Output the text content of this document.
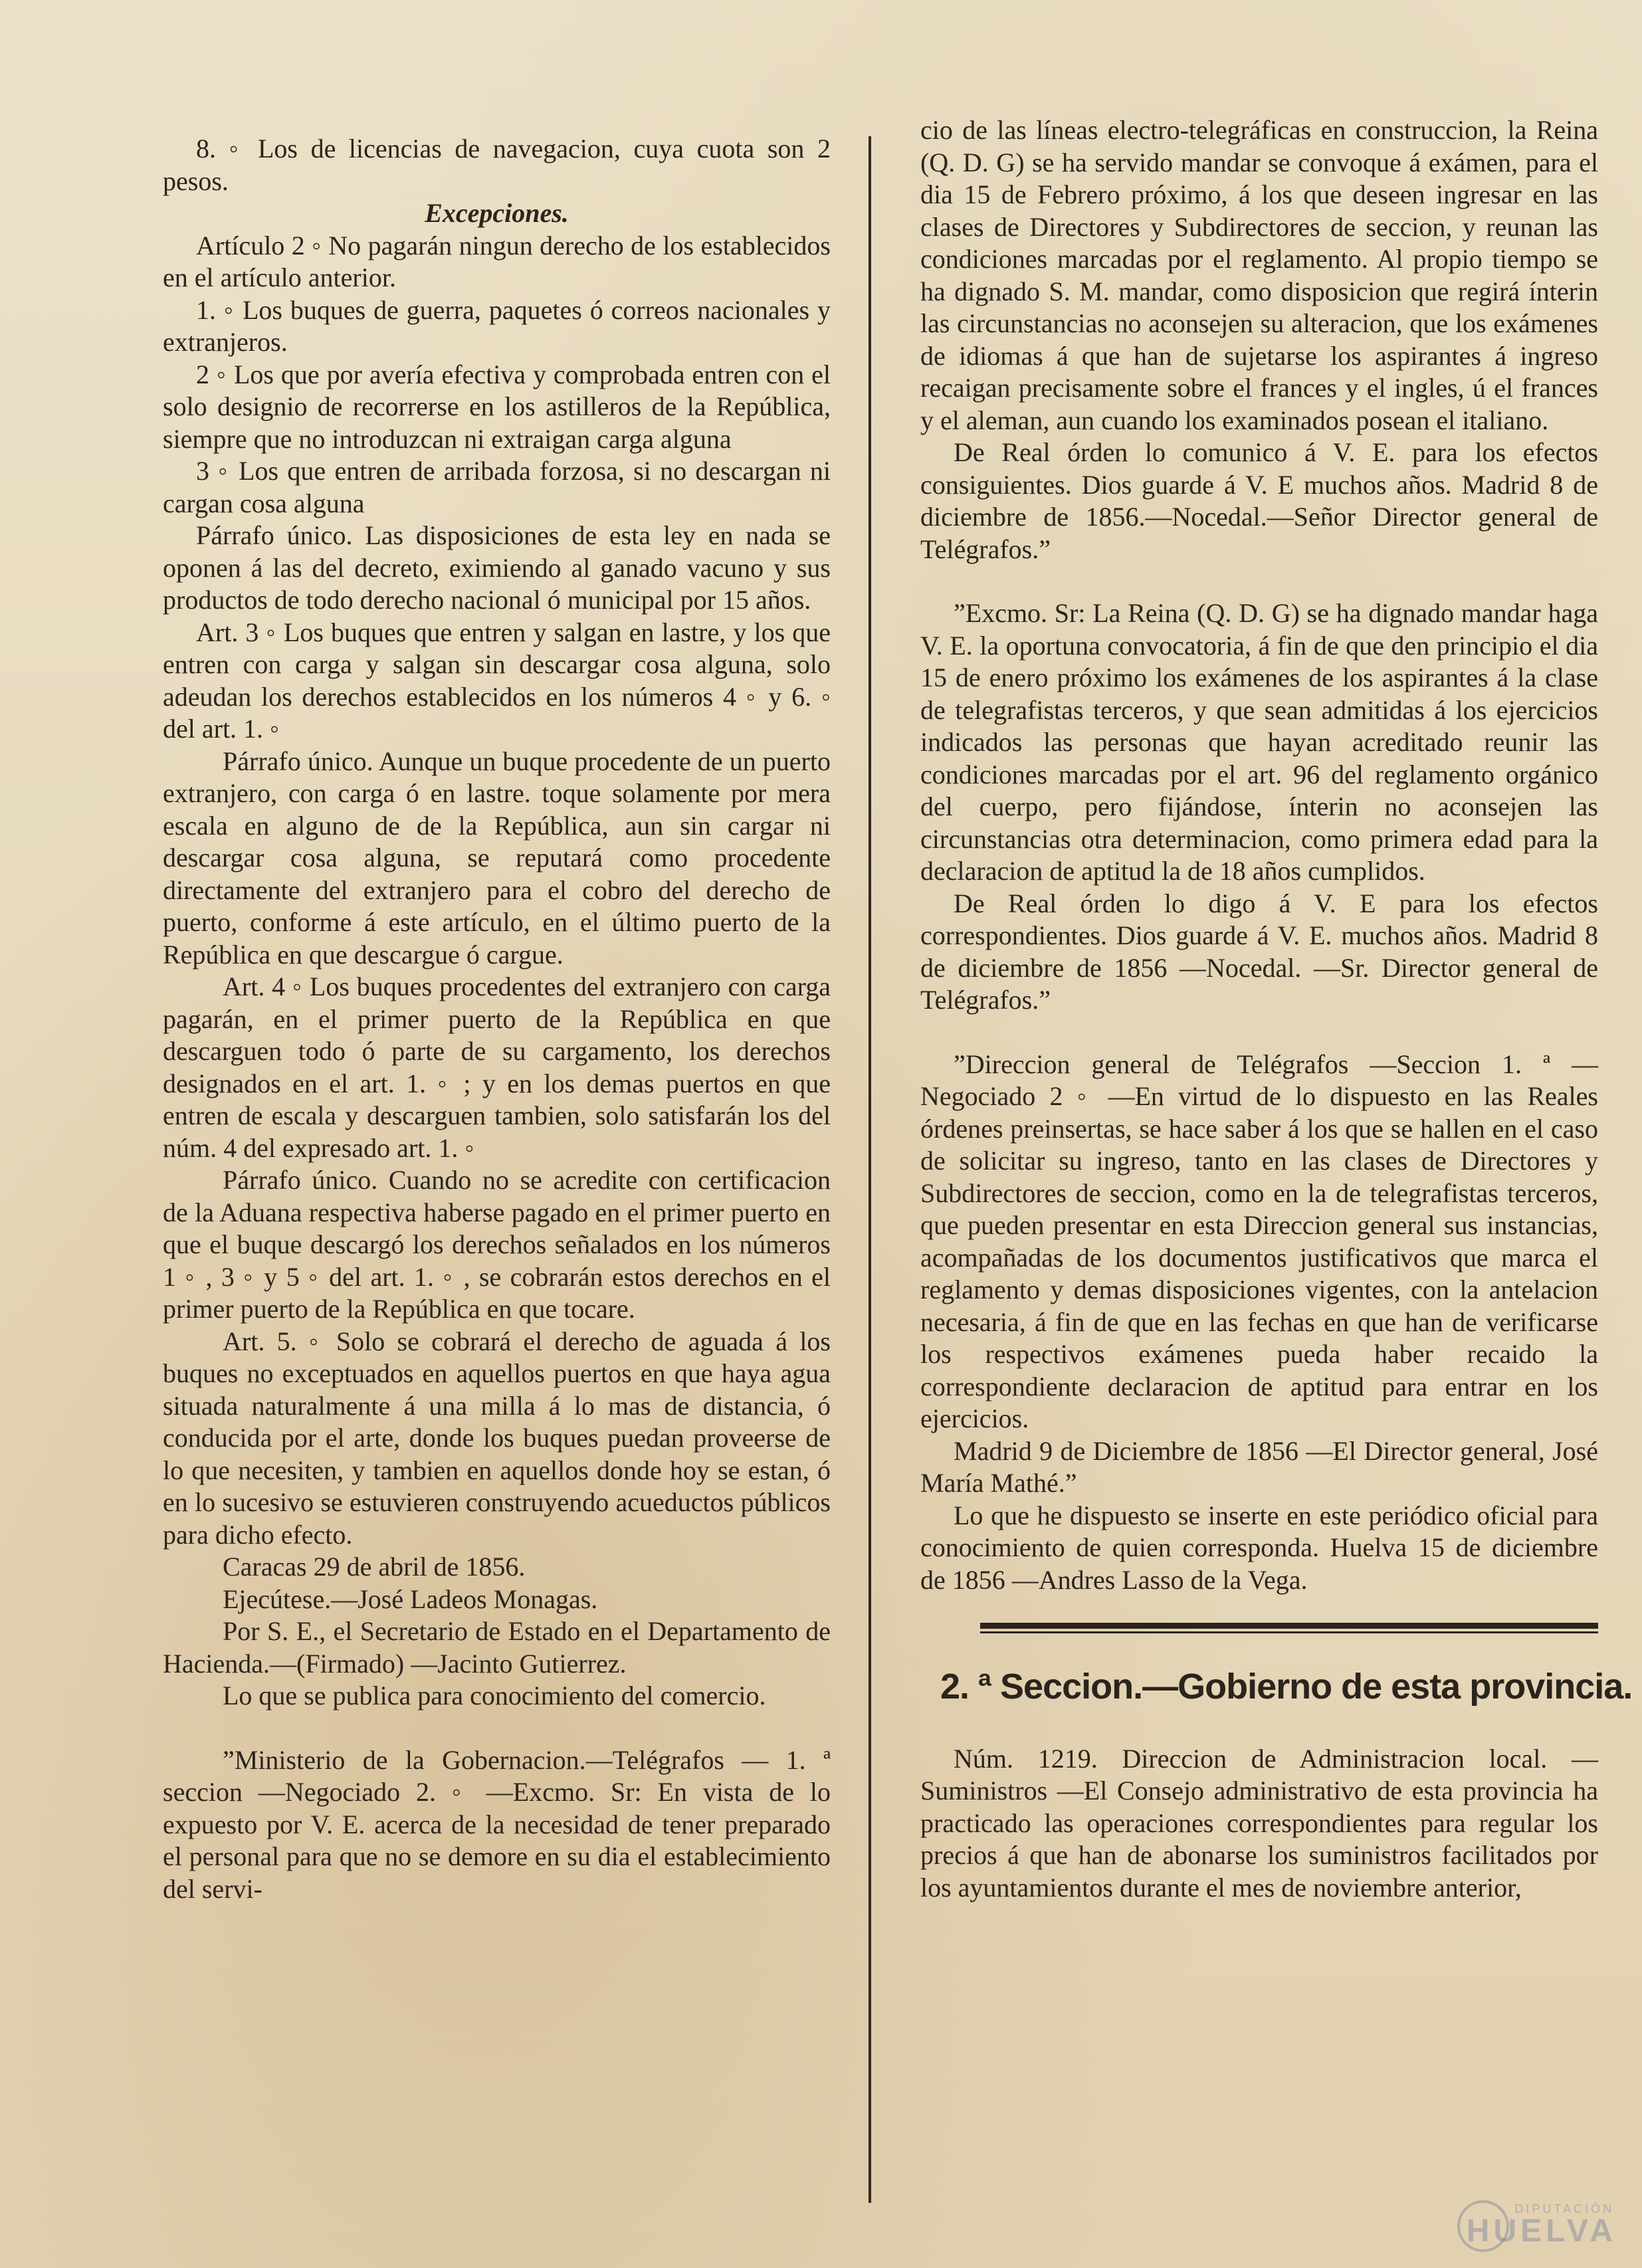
8. ◦ Los de licencias de navegacion, cuya cuota son 2 pesos.

Excepciones.

Artículo 2 ◦ No pagarán ningun derecho de los establecidos en el artículo anterior.

1. ◦ Los buques de guerra, paquetes ó correos nacionales y extranjeros.

2 ◦ Los que por avería efectiva y comprobada entren con el solo designio de recorrerse en los astilleros de la República, siempre que no introduzcan ni extraigan carga alguna

3 ◦ Los que entren de arribada forzosa, si no descargan ni cargan cosa alguna

Párrafo único. Las disposiciones de esta ley en nada se oponen á las del decreto, eximiendo al ganado vacuno y sus productos de todo derecho nacional ó municipal por 15 años.

Art. 3 ◦ Los buques que entren y salgan en lastre, y los que entren con carga y salgan sin descargar cosa alguna, solo adeudan los derechos establecidos en los números 4 ◦ y 6. ◦ del art. 1. ◦

Párrafo único. Aunque un buque procedente de un puerto extranjero, con carga ó en lastre. toque solamente por mera escala en alguno de de la República, aun sin cargar ni descargar cosa alguna, se reputará como procedente directamente del extranjero para el cobro del derecho de puerto, conforme á este artículo, en el último puerto de la República en que descargue ó cargue.

Art. 4 ◦ Los buques procedentes del extranjero con carga pagarán, en el primer puerto de la República en que descarguen todo ó parte de su cargamento, los derechos designados en el art. 1. ◦ ; y en los demas puertos en que entren de escala y descarguen tambien, solo satisfarán los del núm. 4 del expresado art. 1. ◦

Párrafo único. Cuando no se acredite con certificacion de la Aduana respectiva haberse pagado en el primer puerto en que el buque descargó los derechos señalados en los números 1 ◦ , 3 ◦ y 5 ◦ del art. 1. ◦ , se cobrarán estos derechos en el primer puerto de la República en que tocare.

Art. 5. ◦ Solo se cobrará el derecho de aguada á los buques no exceptuados en aquellos puertos en que haya agua situada naturalmente á una milla á lo mas de distancia, ó conducida por el arte, donde los buques puedan proveerse de lo que necesiten, y tambien en aquellos donde hoy se estan, ó en lo sucesivo se estuvieren construyendo acueductos públicos para dicho efecto.

Caracas 29 de abril de 1856.

Ejecútese.—José Ladeos Monagas.

Por S. E., el Secretario de Estado en el Departamento de Hacienda.—(Firmado) —Jacinto Gutierrez.

Lo que se publica para conocimiento del comercio.

”Ministerio de la Gobernacion.—Telégrafos — 1. ª seccion —Negociado 2. ◦ —Excmo. Sr: En vista de lo expuesto por V. E. acerca de la necesidad de tener preparado el personal para que no se demore en su dia el establecimiento del servi-

cio de las líneas electro-telegráficas en construccion, la Reina (Q. D. G) se ha servido mandar se convoque á exámen, para el dia 15 de Febrero próximo, á los que deseen ingresar en las clases de Directores y Subdirectores de seccion, y reunan las condiciones marcadas por el reglamento. Al propio tiempo se ha dignado S. M. mandar, como disposicion que regirá ínterin las circunstancias no aconsejen su alteracion, que los exámenes de idiomas á que han de sujetarse los aspirantes á ingreso recaigan precisamente sobre el frances y el ingles, ú el frances y el aleman, aun cuando los examinados posean el italiano.

De Real órden lo comunico á V. E. para los efectos consiguientes. Dios guarde á V. E muchos años. Madrid 8 de diciembre de 1856.—Nocedal.—Señor Director general de Telégrafos.”

”Excmo. Sr: La Reina (Q. D. G) se ha dignado mandar haga V. E. la oportuna convocatoria, á fin de que den principio el dia 15 de enero próximo los exámenes de los aspirantes á la clase de telegrafistas terceros, y que sean admitidas á los ejercicios indicados las personas que hayan acreditado reunir las condiciones marcadas por el art. 96 del reglamento orgánico del cuerpo, pero fijándose, ínterin no aconsejen las circunstancias otra determinacion, como primera edad para la declaracion de aptitud la de 18 años cumplidos.

De Real órden lo digo á V. E para los efectos correspondientes. Dios guarde á V. E. muchos años. Madrid 8 de diciembre de 1856 —Nocedal. —Sr. Director general de Telégrafos.”

”Direccion general de Telégrafos —Seccion 1. ª —Negociado 2 ◦ —En virtud de lo dispuesto en las Reales órdenes preinsertas, se hace saber á los que se hallen en el caso de solicitar su ingreso, tanto en las clases de Directores y Subdirectores de seccion, como en la de telegrafistas terceros, que pueden presentar en esta Direccion general sus instancias, acompañadas de los documentos justificativos que marca el reglamento y demas disposiciones vigentes, con la antelacion necesaria, á fin de que en las fechas en que han de verificarse los respectivos exámenes pueda haber recaido la correspondiente declaracion de aptitud para entrar en los ejercicios.

Madrid 9 de Diciembre de 1856 —El Director general, José María Mathé.”

Lo que he dispuesto se inserte en este periódico oficial para conocimiento de quien corresponda. Huelva 15 de diciembre de 1856 —Andres Lasso de la Vega.

2. ª Seccion.—Gobierno de esta provincia.

Núm. 1219. Direccion de Administracion local. —Suministros —El Consejo administrativo de esta provincia ha practicado las operaciones correspondientes para regular los precios á que han de abonarse los suministros facilitados por los ayuntamientos durante el mes de noviembre anterior,

DIPUTACIÓN
HUELVA
